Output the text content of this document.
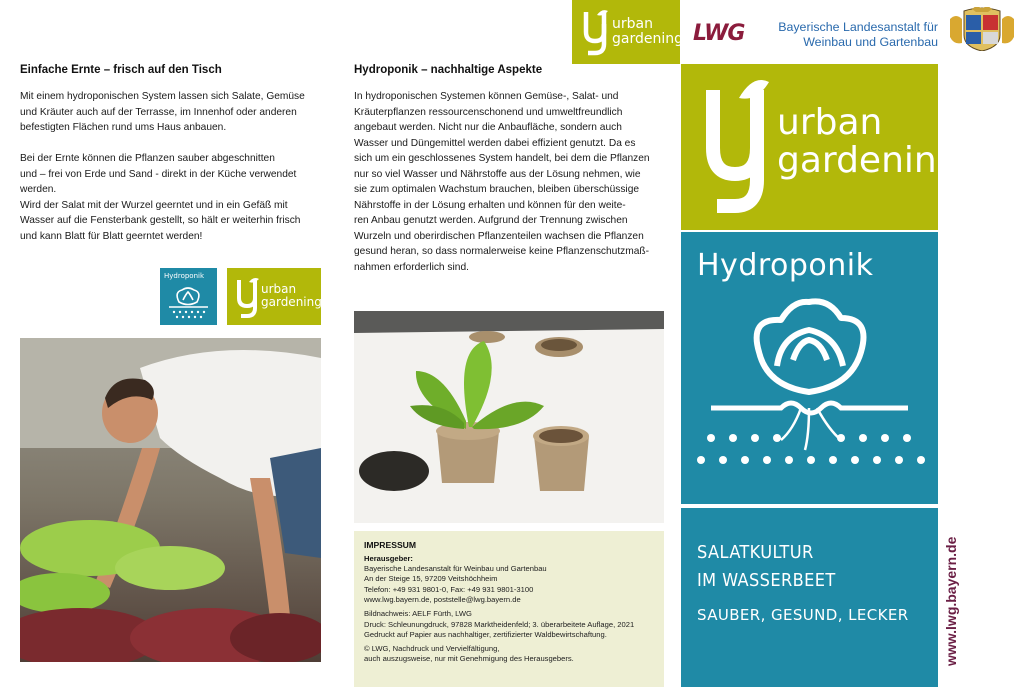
Einfache Ernte – frisch auf den Tisch
Mit einem hydroponischen System lassen sich Salate, Gemüse
und Kräuter auch auf der Terrasse, im Innenhof oder anderen
befestigten Flächen rund ums Haus anbauen.
Bei der Ernte können die Pflanzen sauber abgeschnitten
und – frei von Erde und Sand - direkt in der Küche verwendet
werden.
Wird der Salat mit der Wurzel geerntet und in ein Gefäß mit
Wasser auf die Fensterbank gestellt, so hält er weiterhin frisch
und kann Blatt für Blatt geerntet werden!
Hydroponik
urban
gardening
Hydroponik – nachhaltige Aspekte
In hydroponischen Systemen können Gemüse-, Salat- und
Kräuterpflanzen ressourcenschonend und umweltfreundlich
angebaut werden. Nicht nur die Anbaufläche, sondern auch
Wasser und Düngemittel werden dabei effizient genutzt. Da es
sich um ein geschlossenes System handelt, bei dem die Pflanzen
nur so viel Wasser und Nährstoffe aus der Lösung nehmen, wie
sie zum optimalen Wachstum brauchen, bleiben überschüssige
Nährstoffe in der Lösung erhalten und können für den weite-
ren Anbau genutzt werden. Aufgrund der Trennung zwischen
Wurzeln und oberirdischen Pflanzenteilen wachsen die Pflanzen
gesund heran, so dass normalerweise keine Pflanzenschutzmaß-
nahmen erforderlich sind.
IMPRESSUM
Herausgeber:
Bayerische Landesanstalt für Weinbau und Gartenbau
An der Steige 15, 97209 Veitshöchheim
Telefon: +49 931 9801-0, Fax: +49 931 9801-3100
www.lwg.bayern.de, poststelle@lwg.bayern.de
Bildnachweis: AELF Fürth, LWG
Druck: Schleunungdruck, 97828 Marktheidenfeld; 3. überarbeitete Auflage, 2021
Gedruckt auf Papier aus nachhaltiger, zertifizierter Waldbewirtschaftung.
© LWG, Nachdruck und Vervielfältigung,
auch auszugsweise, nur mit Genehmigung des Herausgebers.
urban
gardening LWG	Bayerische Landesanstalt für
Weinbau und Gartenbau
urban
gardening
Hydroponik
SALATKULTUR
IM WASSERBEET
SAUBER, GESUND, LECKER www.lwg.bayern.de
